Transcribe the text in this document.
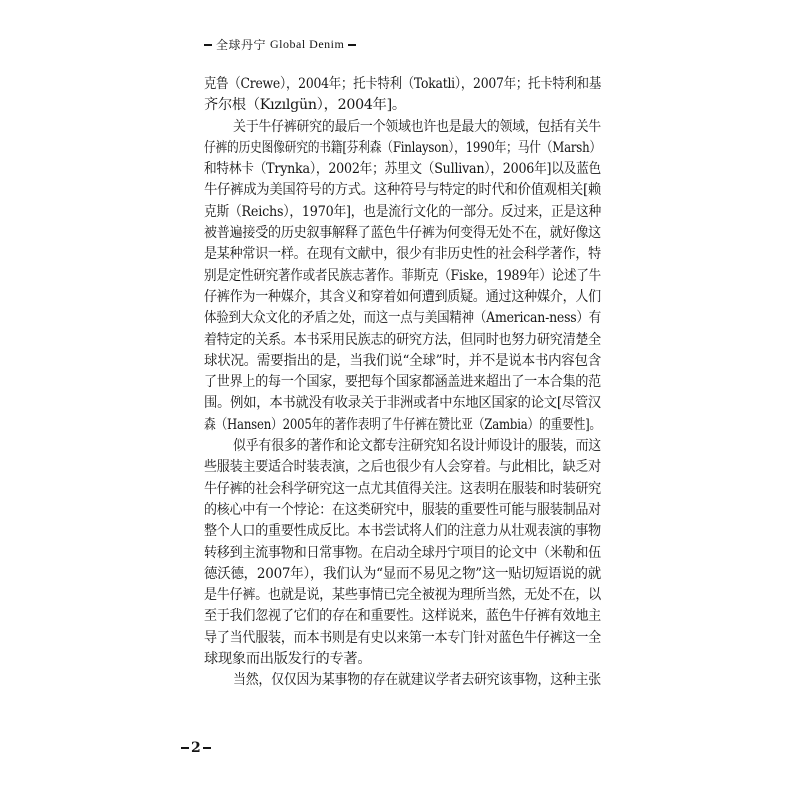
全球丹宁 Global Denim
克鲁（Crewe），2004年；托卡特利（Tokatli），2007年；托卡特利和基
齐尔根（Kızılgün），2004年]。
关于牛仔裤研究的最后一个领域也许也是最大的领域，包括有关牛
仔裤的历史图像研究的书籍[芬利森（Finlayson），1990年；马什（Marsh）
和特林卡（Trynka），2002年；苏里文（Sullivan），2006年]以及蓝色
牛仔裤成为美国符号的方式。这种符号与特定的时代和价值观相关[赖
克斯（Reichs），1970年]，也是流行文化的一部分。反过来，正是这种
被普遍接受的历史叙事解释了蓝色牛仔裤为何变得无处不在，就好像这
是某种常识一样。在现有文献中，很少有非历史性的社会科学著作，特
别是定性研究著作或者民族志著作。菲斯克（Fiske，1989年）论述了牛
仔裤作为一种媒介，其含义和穿着如何遭到质疑。通过这种媒介，人们
体验到大众文化的矛盾之处，而这一点与美国精神（American-ness）有
着特定的关系。本书采用民族志的研究方法，但同时也努力研究清楚全
球状况。需要指出的是，当我们说“全球”时，并不是说本书内容包含
了世界上的每一个国家，要把每个国家都涵盖进来超出了一本合集的范
围。例如，本书就没有收录关于非洲或者中东地区国家的论文[尽管汉
森（Hansen）2005年的著作表明了牛仔裤在赞比亚（Zambia）的重要性]。
似乎有很多的著作和论文都专注研究知名设计师设计的服装，而这
些服装主要适合时装表演，之后也很少有人会穿着。与此相比，缺乏对
牛仔裤的社会科学研究这一点尤其值得关注。这表明在服装和时装研究
的核心中有一个悖论：在这类研究中，服装的重要性可能与服装制品对
整个人口的重要性成反比。本书尝试将人们的注意力从壮观表演的事物
转移到主流事物和日常事物。在启动全球丹宁项目的论文中（米勒和伍
德沃德，2007年），我们认为“显而不易见之物”这一贴切短语说的就
是牛仔裤。也就是说，某些事情已完全被视为理所当然，无处不在，以
至于我们忽视了它们的存在和重要性。这样说来，蓝色牛仔裤有效地主
导了当代服装，而本书则是有史以来第一本专门针对蓝色牛仔裤这一全
球现象而出版发行的专著。
当然，仅仅因为某事物的存在就建议学者去研究该事物，这种主张
2
